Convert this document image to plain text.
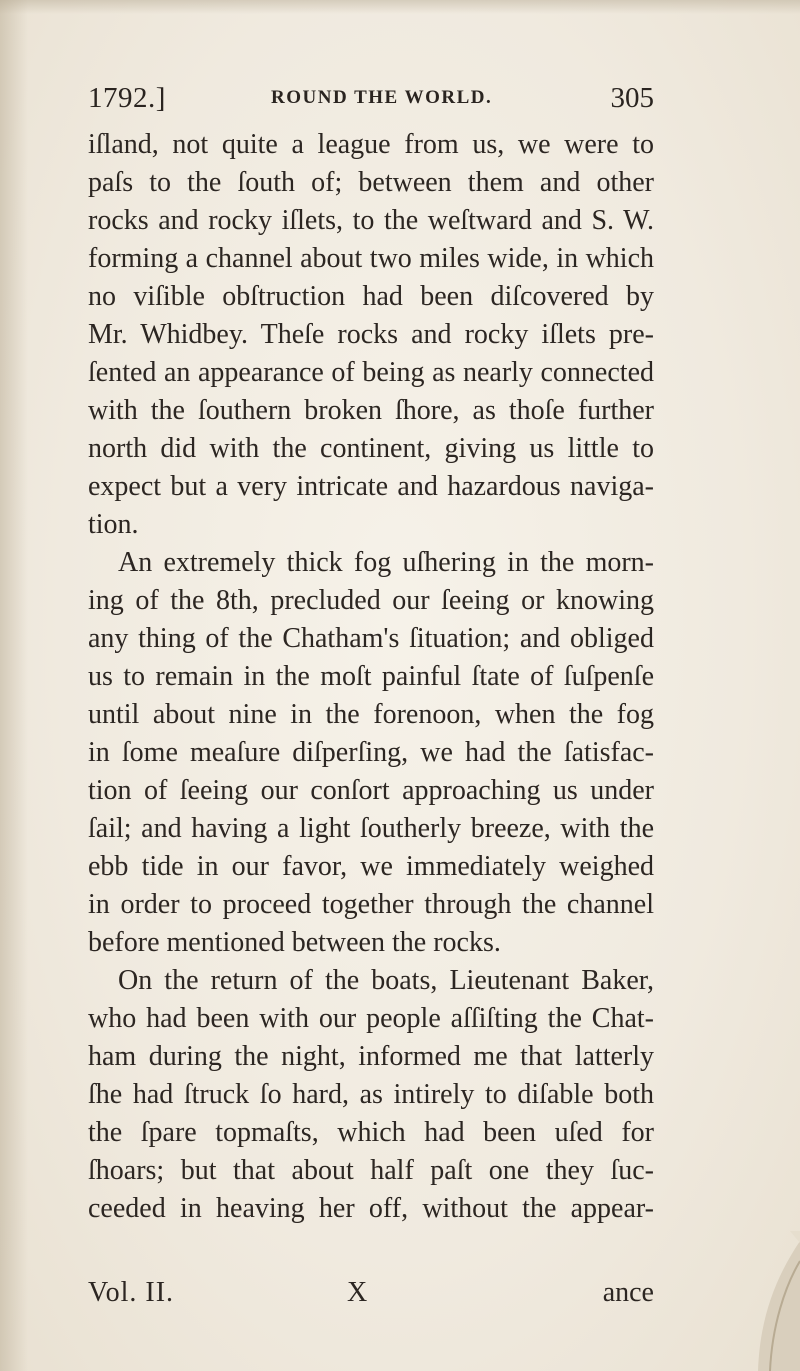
1792.]	ROUND THE WORLD.	305
iſland, not quite a league from us, we were to
paſs to the ſouth of; between them and other
rocks and rocky iſlets, to the weſtward and S. W.
forming a channel about two miles wide, in which
no viſible obſtruction had been diſcovered by
Mr. Whidbey. Theſe rocks and rocky iſlets pre-
ſented an appearance of being as nearly connected
with the ſouthern broken ſhore, as thoſe further
north did with the continent, giving us little to
expect but a very intricate and hazardous naviga-
tion.
An extremely thick fog uſhering in the morn-
ing of the 8th, precluded our ſeeing or knowing
any thing of the Chatham's ſituation; and obliged
us to remain in the moſt painful ſtate of ſuſpenſe
until about nine in the forenoon, when the fog
in ſome meaſure diſperſing, we had the ſatisfac-
tion of ſeeing our conſort approaching us under
ſail; and having a light ſoutherly breeze, with the
ebb tide in our favor, we immediately weighed
in order to proceed together through the channel
before mentioned between the rocks.
On the return of the boats, Lieutenant Baker,
who had been with our people aſſiſting the Chat-
ham during the night, informed me that latterly
ſhe had ſtruck ſo hard, as intirely to diſable both
the ſpare topmaſts, which had been uſed for
ſhoars; but that about half paſt one they ſuc-
ceeded in heaving her off, without the appear-
Vol. II.	X	ance
